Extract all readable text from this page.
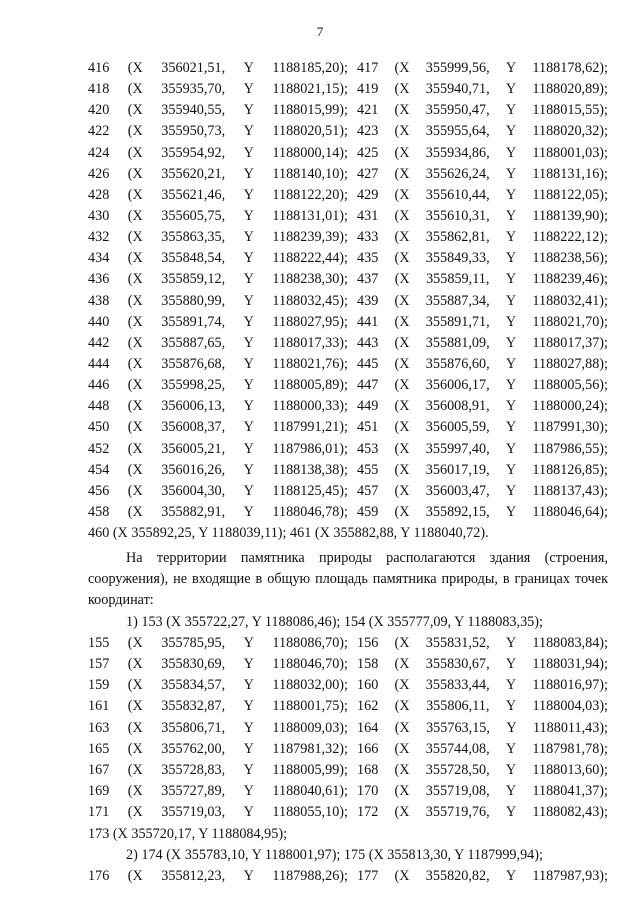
7
416 (X 356021,51, Y 1188185,20); 417 (X 355999,56, Y 1188178,62);
418 (X 355935,70, Y 1188021,15); 419 (X 355940,71, Y 1188020,89);
420 (X 355940,55, Y 1188015,99); 421 (X 355950,47, Y 1188015,55);
422 (X 355950,73, Y 1188020,51); 423 (X 355955,64, Y 1188020,32);
424 (X 355954,92, Y 1188000,14); 425 (X 355934,86, Y 1188001,03);
426 (X 355620,21, Y 1188140,10); 427 (X 355626,24, Y 1188131,16);
428 (X 355621,46, Y 1188122,20); 429 (X 355610,44, Y 1188122,05);
430 (X 355605,75, Y 1188131,01); 431 (X 355610,31, Y 1188139,90);
432 (X 355863,35, Y 1188239,39); 433 (X 355862,81, Y 1188222,12);
434 (X 355848,54, Y 1188222,44); 435 (X 355849,33, Y 1188238,56);
436 (X 355859,12, Y 1188238,30); 437 (X 355859,11, Y 1188239,46);
438 (X 355880,99, Y 1188032,45); 439 (X 355887,34, Y 1188032,41);
440 (X 355891,74, Y 1188027,95); 441 (X 355891,71, Y 1188021,70);
442 (X 355887,65, Y 1188017,33); 443 (X 355881,09, Y 1188017,37);
444 (X 355876,68, Y 1188021,76); 445 (X 355876,60, Y 1188027,88);
446 (X 355998,25, Y 1188005,89); 447 (X 356006,17, Y 1188005,56);
448 (X 356006,13, Y 1188000,33); 449 (X 356008,91, Y 1188000,24);
450 (X 356008,37, Y 1187991,21); 451 (X 356005,59, Y 1187991,30);
452 (X 356005,21, Y 1187986,01); 453 (X 355997,40, Y 1187986,55);
454 (X 356016,26, Y 1188138,38); 455 (X 356017,19, Y 1188126,85);
456 (X 356004,30, Y 1188125,45); 457 (X 356003,47, Y 1188137,43);
458 (X 355882,91, Y 1188046,78); 459 (X 355892,15, Y 1188046,64);
460 (X 355892,25, Y 1188039,11); 461 (X 355882,88, Y 1188040,72).
На территории памятника природы располагаются здания (строения,
сооружения), не входящие в общую площадь памятника природы, в границах точек координат:
1) 153 (X 355722,27, Y 1188086,46); 154 (X 355777,09, Y 1188083,35);
155 (X 355785,95, Y 1188086,70); 156 (X 355831,52, Y 1188083,84);
157 (X 355830,69, Y 1188046,70); 158 (X 355830,67, Y 1188031,94);
159 (X 355834,57, Y 1188032,00); 160 (X 355833,44, Y 1188016,97);
161 (X 355832,87, Y 1188001,75); 162 (X 355806,11, Y 1188004,03);
163 (X 355806,71, Y 1188009,03); 164 (X 355763,15, Y 1188011,43);
165 (X 355762,00, Y 1187981,32); 166 (X 355744,08, Y 1187981,78);
167 (X 355728,83, Y 1188005,99); 168 (X 355728,50, Y 1188013,60);
169 (X 355727,89, Y 1188040,61); 170 (X 355719,08, Y 1188041,37);
171 (X 355719,03, Y 1188055,10); 172 (X 355719,76, Y 1188082,43);
173 (X 355720,17, Y 1188084,95);
2) 174 (X 355783,10, Y 1188001,97); 175 (X 355813,30, Y 1187999,94);
176 (X 355812,23, Y 1187988,26); 177 (X 355820,82, Y 1187987,93);
